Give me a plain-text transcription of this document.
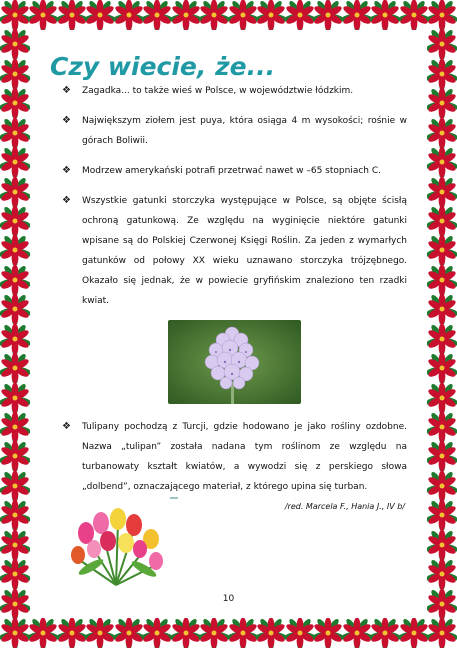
Czy wiecie, że...
❖ Zagadka... to także wieś w Polsce, w województwie łódzkim.
❖ Największym ziołem jest puya, która osiąga 4 m wysokości; rośnie w górach Boliwii.
❖ Modrzew amerykański potrafi przetrwać nawet w –65 stopniach C.
❖ Wszystkie gatunki storczyka występujące w Polsce, są objęte ścisłą ochroną gatunkową. Ze względu na wyginięcie niektóre gatunki wpisane są do Polskiej Czerwonej Księgi Roślin. Za jeden z wymarłych gatunków od połowy XX wieku uznawano storczyka trójzębnego. Okazało się jednak, że w powiecie gryfińskim znaleziono ten rzadki kwiat.
❖ Tulipany pochodzą z Turcji, gdzie hodowano je jako rośliny ozdobne. Nazwa „tulipan” została nadana tym roślinom ze względu na turbanowaty kształt kwiatów, a wywodzi się z perskiego słowa „dolbend”, oznaczającego materiał, z którego upina się turban.
/red. Marcela F., Hania J., IV b/
10
